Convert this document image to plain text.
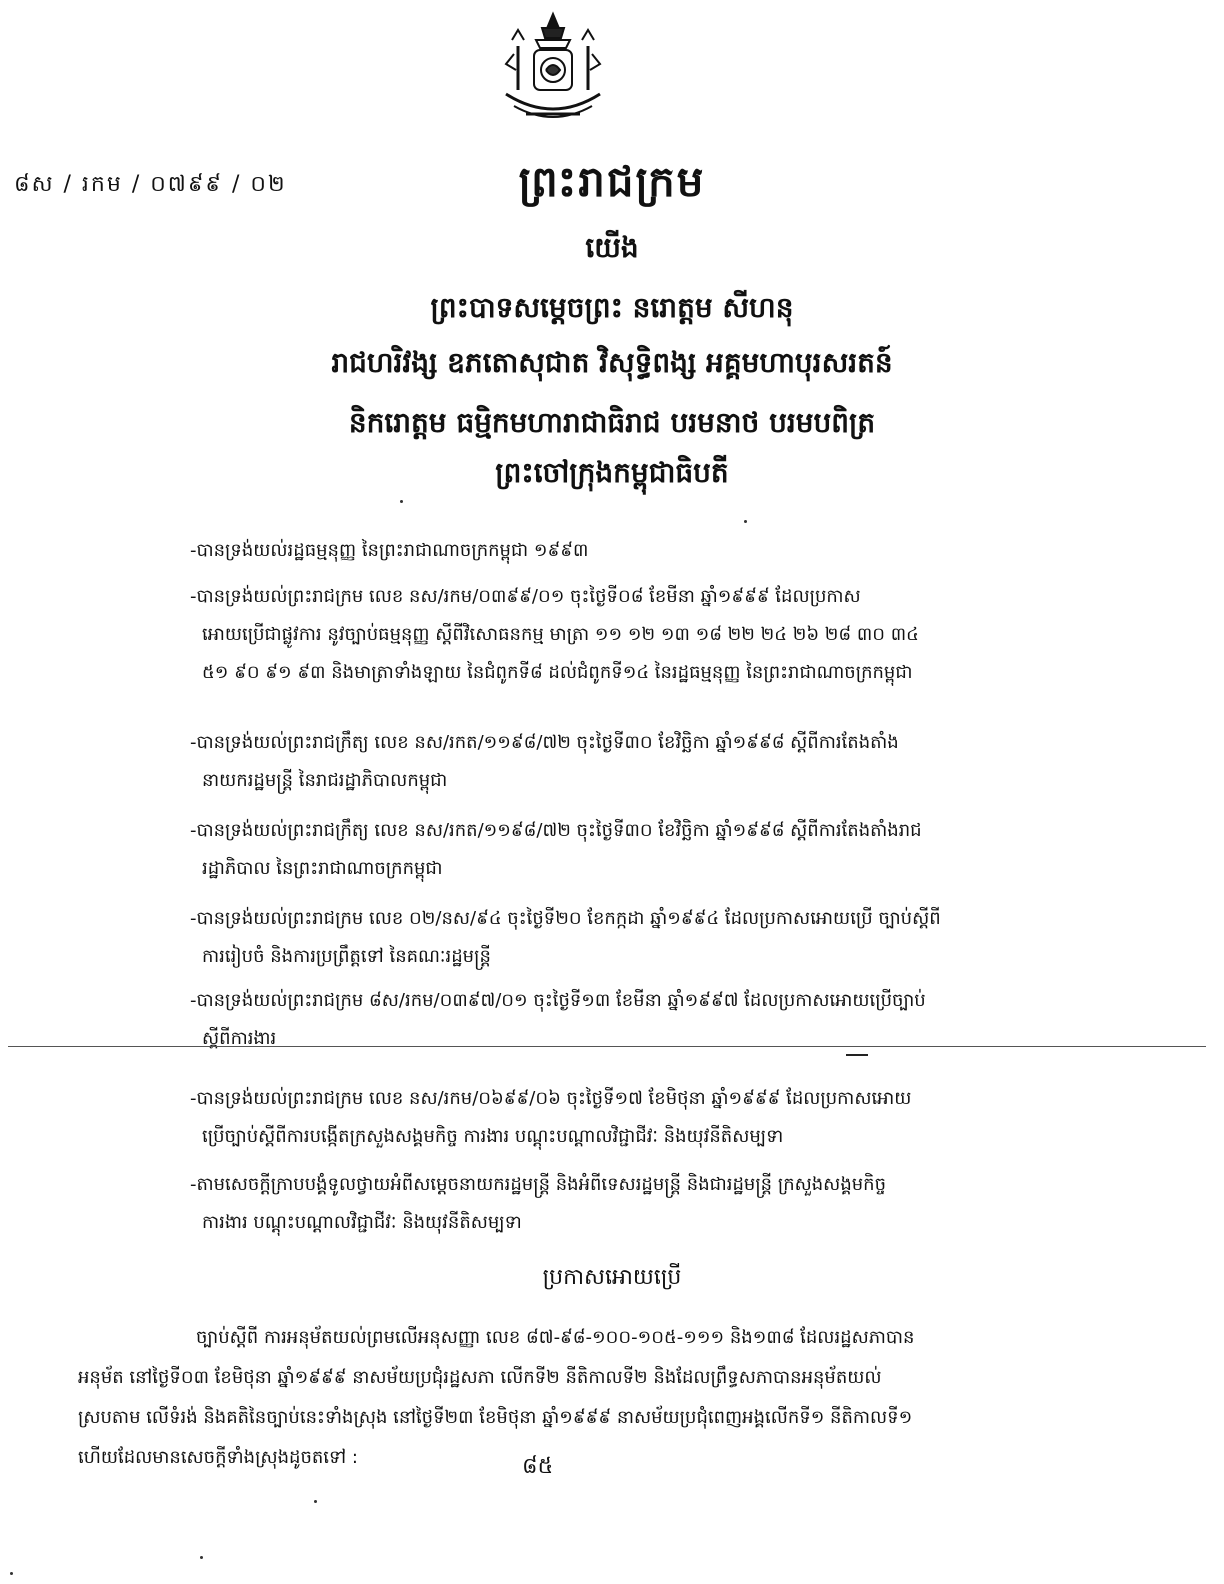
៨ស / រកម / ០៧៩៩ / ០២	ព្រះរាជក្រម
យើង
ព្រះបាទសម្តេចព្រះ នរោត្តម សីហនុ
រាជហរិវង្ស ឧភតោសុជាត វិសុទ្ធិពង្ស អគ្គមហាបុរសរតន៍
និករោត្តម ធម្មិកមហារាជាធិរាជ បរមនាថ បរមបពិត្រ
ព្រះចៅក្រុងកម្ពុជាធិបតី
-បានទ្រង់យល់រដ្ឋធម្មនុញ្ញ នៃព្រះរាជាណាចក្រកម្ពុជា ១៩៩៣
-បានទ្រង់យល់ព្រះរាជក្រម លេខ នស/រកម/០៣៩៩/០១ ចុះថ្ងៃទី០៨ ខែមីនា ឆ្នាំ១៩៩៩ ដែលប្រកាស
អោយប្រើជាផ្លូវការ នូវច្បាប់ធម្មនុញ្ញ ស្តីពីវិសោធនកម្ម មាត្រា ១១ ១២ ១៣ ១៨ ២២ ២៤ ២៦ ២៨ ៣០ ៣៤
៥១ ៩០ ៩១ ៩៣ និងមាត្រាទាំងឡាយ នៃជំពូកទី៨ ដល់ជំពូកទី១៤ នៃរដ្ឋធម្មនុញ្ញ នៃព្រះរាជាណាចក្រកម្ពុជា
-បានទ្រង់យល់ព្រះរាជក្រឹត្យ លេខ នស/រកត/១១៩៨/៧២ ចុះថ្ងៃទី៣០ ខែវិច្ឆិកា ឆ្នាំ១៩៩៨ ស្តីពីការតែងតាំង
នាយករដ្ឋមន្ត្រី នៃរាជរដ្ឋាភិបាលកម្ពុជា
-បានទ្រង់យល់ព្រះរាជក្រឹត្យ លេខ នស/រកត/១១៩៨/៧២ ចុះថ្ងៃទី៣០ ខែវិច្ឆិកា ឆ្នាំ១៩៩៨ ស្តីពីការតែងតាំងរាជ
រដ្ឋាភិបាល នៃព្រះរាជាណាចក្រកម្ពុជា
-បានទ្រង់យល់ព្រះរាជក្រម លេខ ០២/នស/៩៤ ចុះថ្ងៃទី២០ ខែកក្កដា ឆ្នាំ១៩៩៤ ដែលប្រកាសអោយប្រើ ច្បាប់ស្តីពី
ការរៀបចំ និងការប្រព្រឹត្តទៅ នៃគណៈរដ្ឋមន្ត្រី
-បានទ្រង់យល់ព្រះរាជក្រម ៨ស/រកម/០៣៩៧/០១ ចុះថ្ងៃទី១៣ ខែមីនា ឆ្នាំ១៩៩៧ ដែលប្រកាសអោយប្រើច្បាប់
ស្តីពីការងារ
-បានទ្រង់យល់ព្រះរាជក្រម លេខ នស/រកម/០៦៩៩/០៦ ចុះថ្ងៃទី១៧ ខែមិថុនា ឆ្នាំ១៩៩៩ ដែលប្រកាសអោយ
ប្រើច្បាប់ស្តីពីការបង្កើតក្រសួងសង្គមកិច្ច ការងារ បណ្តុះបណ្តាលវិជ្ជាជីវៈ និងយុវនីតិសម្បទា
-តាមសេចក្តីក្រាបបង្គំទូលថ្វាយអំពីសម្តេចនាយករដ្ឋមន្ត្រី និងអំពីទេសរដ្ឋមន្ត្រី និងជារដ្ឋមន្ត្រី ក្រសួងសង្គមកិច្ច
ការងារ បណ្តុះបណ្តាលវិជ្ជាជីវៈ និងយុវនីតិសម្បទា
ប្រកាសអោយប្រើ
ច្បាប់ស្តីពី ការអនុម័តយល់ព្រមលើអនុសញ្ញា លេខ ៨៧-៩៨-១០០-១០៥-១១១ និង១៣៨ ដែលរដ្ឋសភាបាន
អនុម័ត នៅថ្ងៃទី០៣ ខែមិថុនា ឆ្នាំ១៩៩៩ នាសម័យប្រជុំរដ្ឋសភា លើកទី២ នីតិកាលទី២ និងដែលព្រឹទ្ធសភាបានអនុម័តយល់
ស្របតាម លើទំរង់ និងគតិនៃច្បាប់នេះទាំងស្រុង នៅថ្ងៃទី២៣ ខែមិថុនា ឆ្នាំ១៩៩៩ នាសម័យប្រជុំពេញអង្គលើកទី១ នីតិកាលទី១
ហើយដែលមានសេចក្តីទាំងស្រុងដូចតទៅ :	៨៥
